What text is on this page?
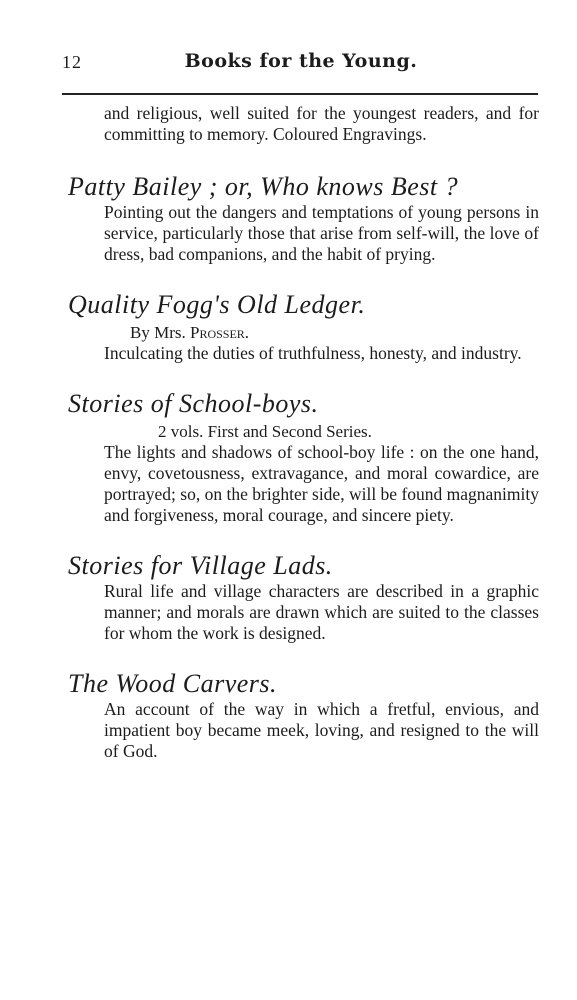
12	Books for the Young.

and religious, well suited for the youngest readers, and for committing to memory. Coloured Engravings.

Patty Bailey ; or, Who knows Best ?

Pointing out the dangers and temptations of young persons in service, particularly those that arise from self-will, the love of dress, bad companions, and the habit of prying.

Quality Fogg's Old Ledger.

By Mrs. Prosser.

Inculcating the duties of truthfulness, honesty, and industry.

Stories of School-boys.

2 vols. First and Second Series.

The lights and shadows of school-boy life : on the one hand, envy, covetousness, extravagance, and moral cowardice, are portrayed; so, on the brighter side, will be found magnanimity and forgiveness, moral courage, and sincere piety.

Stories for Village Lads.

Rural life and village characters are described in a graphic manner; and morals are drawn which are suited to the classes for whom the work is designed.

The Wood Carvers.

An account of the way in which a fretful, envious, and impatient boy became meek, loving, and resigned to the will of God.
